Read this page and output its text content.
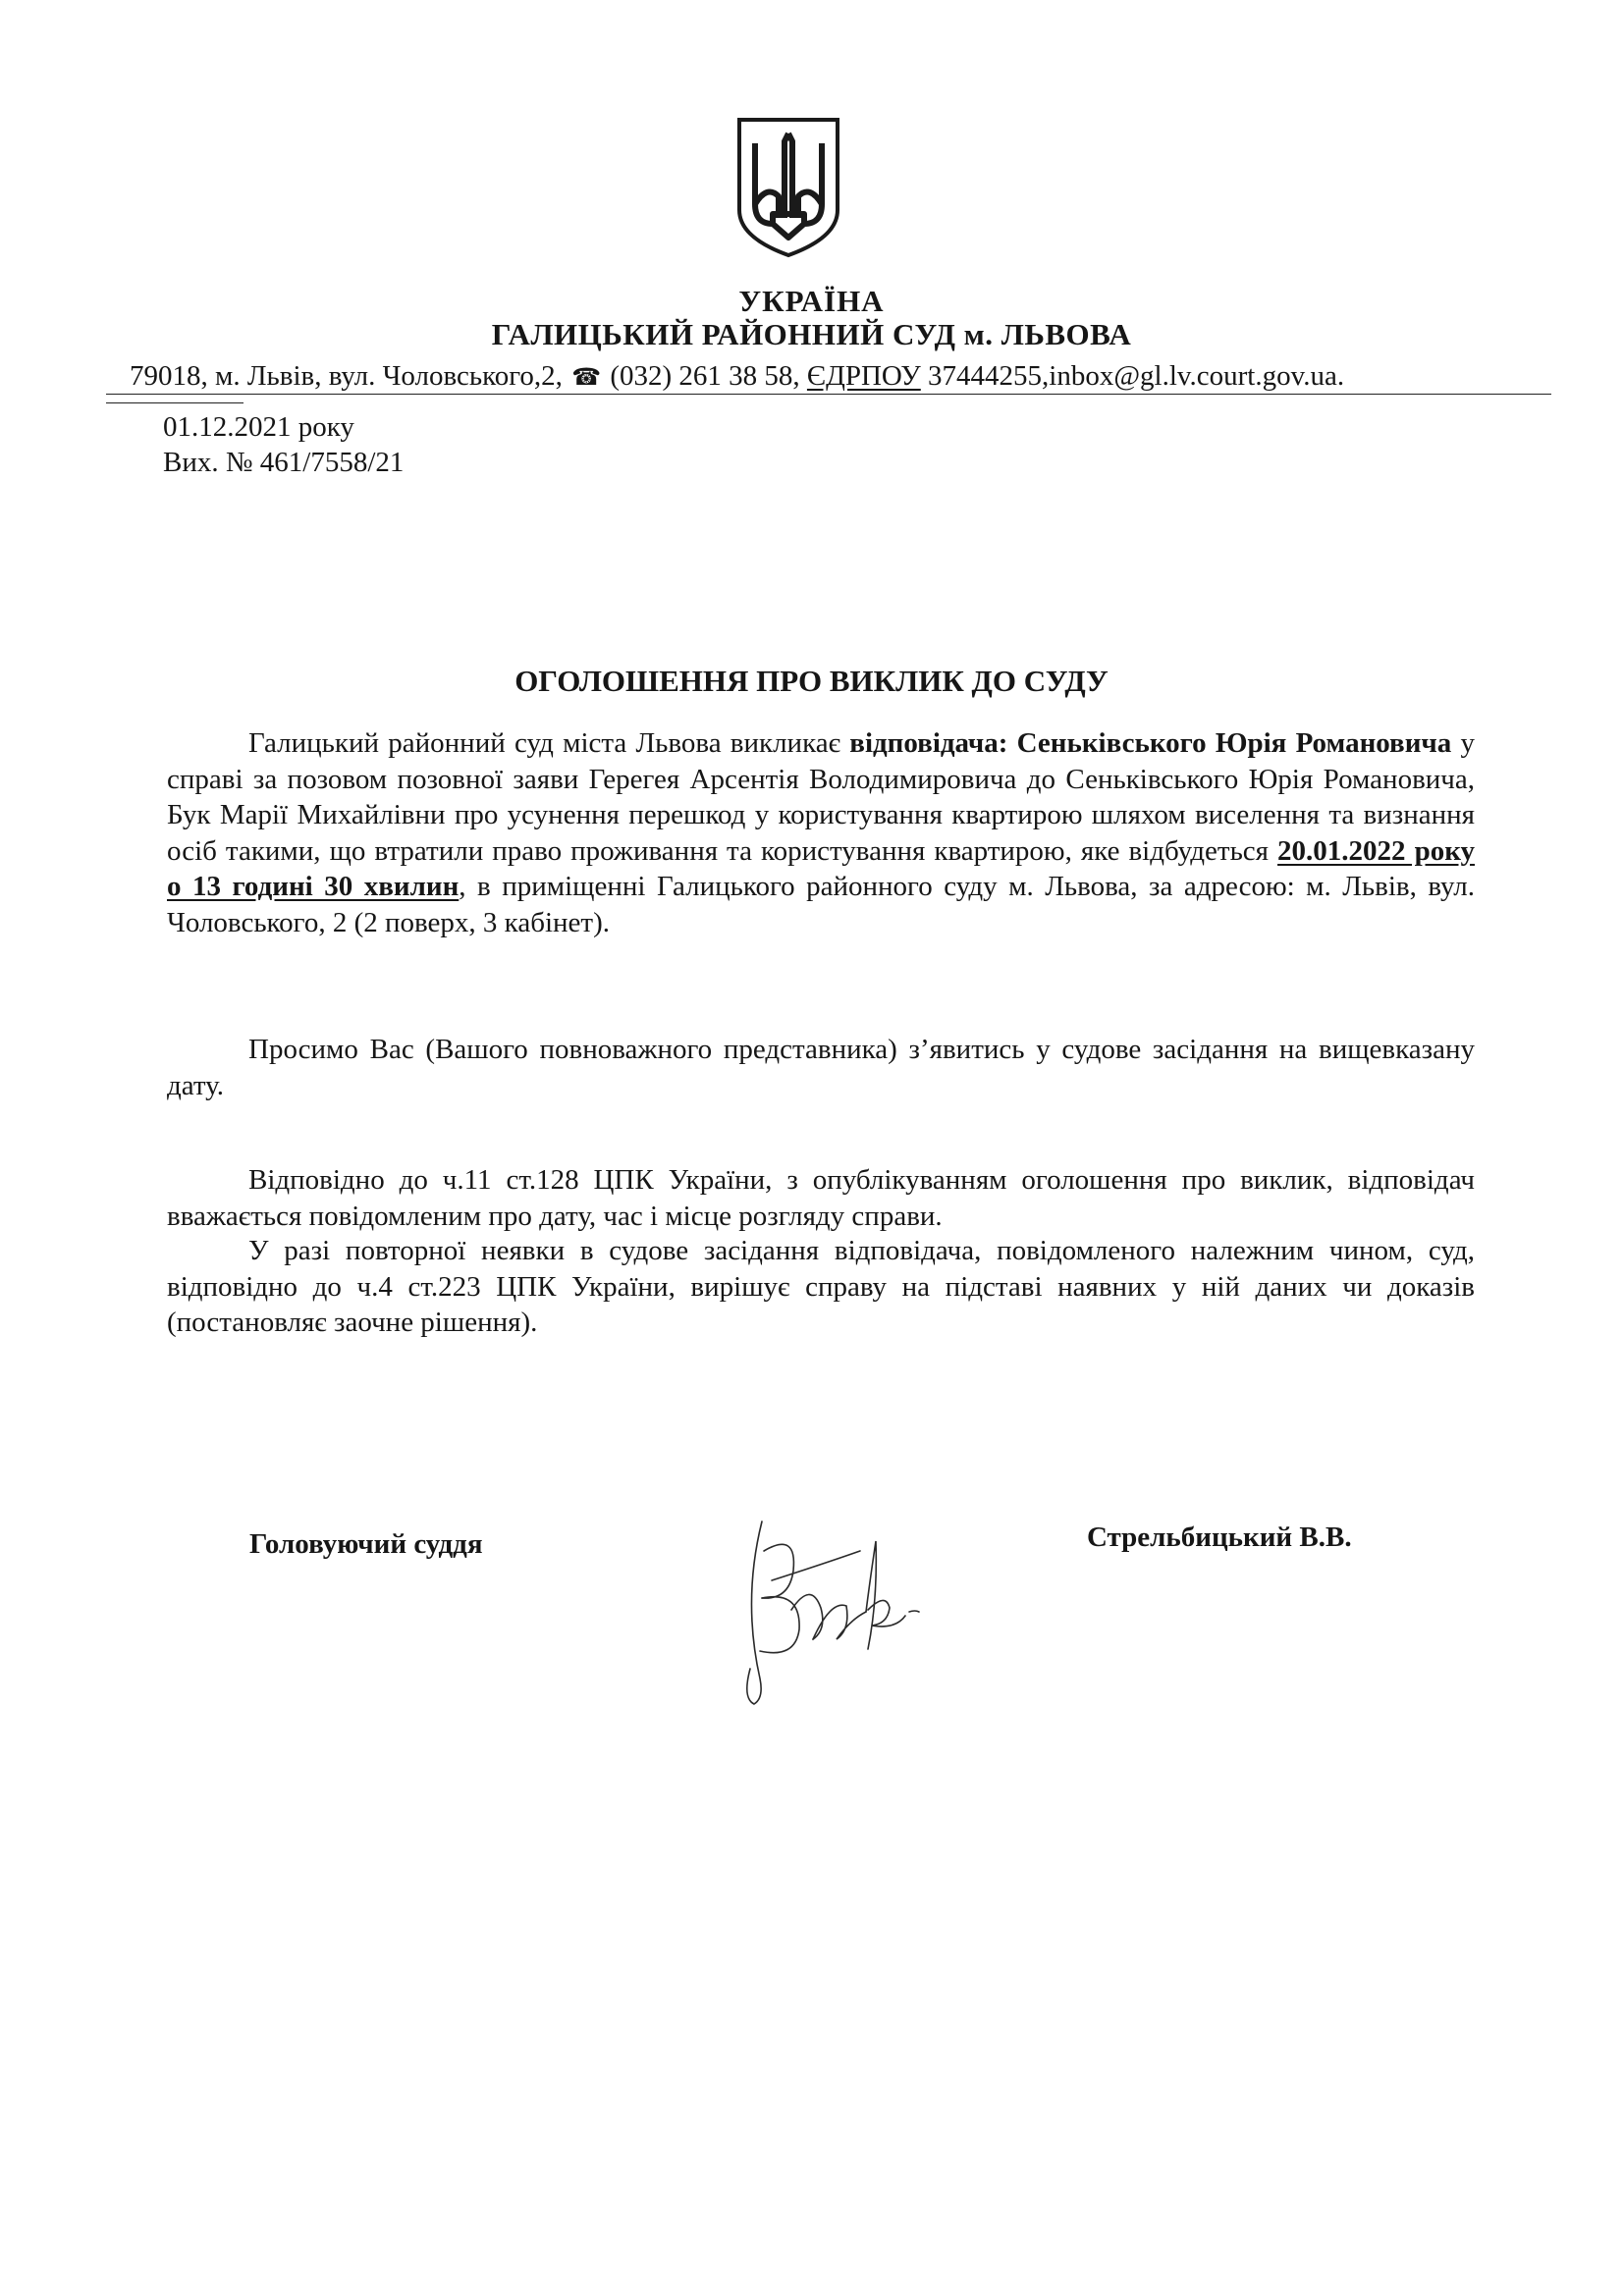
УКРАЇНА
ГАЛИЦЬКИЙ РАЙОННИЙ СУД м. ЛЬВОВА
79018, м. Львів, вул. Чоловського,2, ☎ (032) 261 38 58, ЄДРПОУ 37444255,inbox@gl.lv.court.gov.ua.
01.12.2021 року
Вих. № 461/7558/21
ОГОЛОШЕННЯ ПРО ВИКЛИК ДО СУДУ
Галицький районний суд міста Львова викликає відповідача: Сеньківського Юрія Романовича у справі за позовом позовної заяви Герегея Арсентія Володимировича до Сеньківського Юрія Романовича, Бук Марії Михайлівни про усунення перешкод у користування квартирою шляхом виселення та визнання осіб такими, що втратили право проживання та користування квартирою, яке відбудеться 20.01.2022 року о 13 годині 30 хвилин, в приміщенні Галицького районного суду м. Львова, за адресою: м. Львів, вул. Чоловського, 2 (2 поверх, 3 кабінет).
Просимо Вас (Вашого повноважного представника) з’явитись у судове засідання на вищевказану дату.
Відповідно до ч.11 ст.128 ЦПК України, з опублікуванням оголошення про виклик, відповідач вважається повідомленим про дату, час і місце розгляду справи.
У разі повторної неявки в судове засідання відповідача, повідомленого належним чином, суд, відповідно до ч.4 ст.223 ЦПК України, вирішує справу на підставі наявних у ній даних чи доказів (постановляє заочне рішення).
Головуючий суддя	Стрельбицький В.В.
